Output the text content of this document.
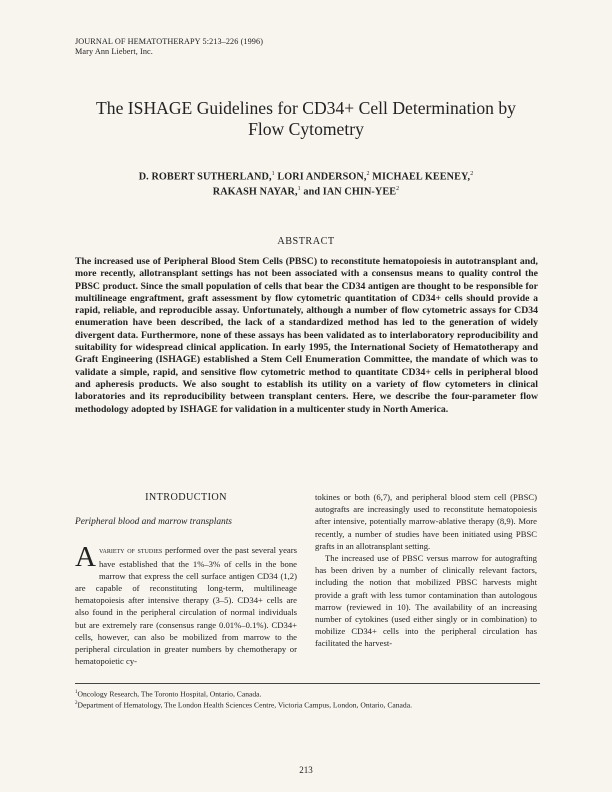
JOURNAL OF HEMATOTHERAPY 5:213–226 (1996)
Mary Ann Liebert, Inc.
The ISHAGE Guidelines for CD34+ Cell Determination by
Flow Cytometry
D. ROBERT SUTHERLAND,$^1$ LORI ANDERSON,$^2$ MICHAEL KEENEY,$^2$
RAKASH NAYAR,$^1$ and IAN CHIN-YEE$^2$
ABSTRACT
The increased use of Peripheral Blood Stem Cells (PBSC) to reconstitute hematopoiesis in autotransplant and, more recently, allotransplant settings has not been associated with a consensus means to quality control the PBSC product. Since the small population of cells that bear the CD34 antigen are thought to be responsible for multilineage engraftment, graft assessment by flow cytometric quantitation of CD34+ cells should provide a rapid, reliable, and reproducible assay. Unfortunately, although a number of flow cytometric assays for CD34 enumeration have been described, the lack of a standardized method has led to the generation of widely divergent data. Furthermore, none of these assays has been validated as to interlaboratory reproducibility and suitability for widespread clinical application. In early 1995, the International Society of Hematotherapy and Graft Engineering (ISHAGE) established a Stem Cell Enumeration Committee, the mandate of which was to validate a simple, rapid, and sensitive flow cytometric method to quantitate CD34+ cells in peripheral blood and apheresis products. We also sought to establish its utility on a variety of flow cytometers in clinical laboratories and its reproducibility between transplant centers. Here, we describe the four-parameter flow methodology adopted by ISHAGE for validation in a multicenter study in North America.
INTRODUCTION
Peripheral blood and marrow transplants

Avariety of studies performed over the past several years have established that the 1%–3% of cells in the bone marrow that express the cell surface antigen CD34 (1,2) are capable of reconstituting long-term, multilineage hematopoiesis after intensive therapy (3–5). CD34+ cells are also found in the peripheral circulation of normal individuals but are extremely rare (consensus range 0.01%–0.1%). CD34+ cells, however, can also be mobilized from marrow to the peripheral circulation in greater numbers by chemotherapy or hematopoietic cy-

tokines or both (6,7), and peripheral blood stem cell (PBSC) autografts are increasingly used to reconstitute hematopoiesis after intensive, potentially marrow-ablative therapy (8,9). More recently, a number of studies have been initiated using PBSC grafts in an allotransplant setting.

The increased use of PBSC versus marrow for autografting has been driven by a number of clinically relevant factors, including the notion that mobilized PBSC harvests might provide a graft with less tumor contamination than autologous marrow (reviewed in 10). The availability of an increasing number of cytokines (used either singly or in combination) to mobilize CD34+ cells into the peripheral circulation has facilitated the harvest-

$^1$Oncology Research, The Toronto Hospital, Ontario, Canada.
$^2$Department of Hematology, The London Health Sciences Centre, Victoria Campus, London, Ontario, Canada.
213
